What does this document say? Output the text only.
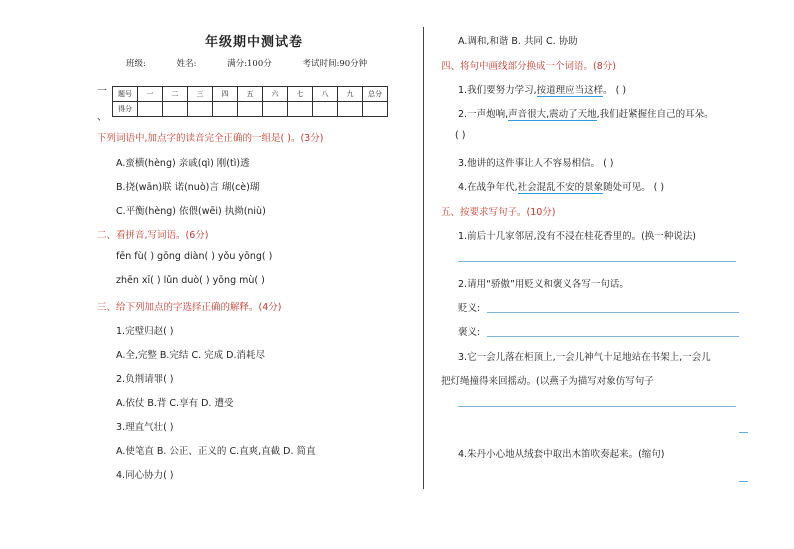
年级期中测试卷
班级:	姓名:	满分:100分	考试时间:90分钟
一
、
题号	一	二	三	四	五	六	七	八	九	总分
得分										
下列词语中,加点字的读音完全正确的一组是( )。(3分)
A.蛮横(hèng) 亲戚(qì) 刚(tì)透
B.挠(wān)联 诺(nuò)言 瑚(cè)瑚
C.平衡(hèng) 依偎(wēi) 执拗(niù)
二、看拼音,写词语。(6分)
fēn fù( ) gōng diàn( ) yǒu yōng( )
zhēn xī( ) lǔn duò( ) yōng mù( )
三、给下列加点的字选择正确的解释。(4分)
1.完璧归赵( )
A.全,完整 B.完结 C. 完成 D.消耗尽
2.负荆请罪( )
A.依仗 B.背 C.享有 D. 遭受
3.理直气壮( )
A.使笔直 B. 公正、正义的 C.直爽,直截 D. 简直
4.同心协力( )
A.调和,和谐 B. 共同 C. 协助
四、将句中画线部分换成一个词语。(8分)
1.我们要努力学习,按道理应当这样。 ( )
2.一声炮响,声音很大,震动了天地,我们赶紧握住自己的耳朵。
( )
3.他讲的这件事让人不容易相信。 ( )
4.在战争年代,社会混乱不安的景象随处可见。 ( )
五、按要求写句子。(10分)
1.前后十几家邻居,没有不浸在桂花香里的。(换一种说法)
2.请用“骄傲”用贬义和褒义各写一句话。
贬义:
褒义:
3.它一会儿落在柜顶上,一会儿神气十足地站在书架上,一会儿
把灯绳撞得来回摇动。(以燕子为描写对象仿写句子
4.朱丹小心地从绒套中取出木笛吹奏起来。(缩句)
